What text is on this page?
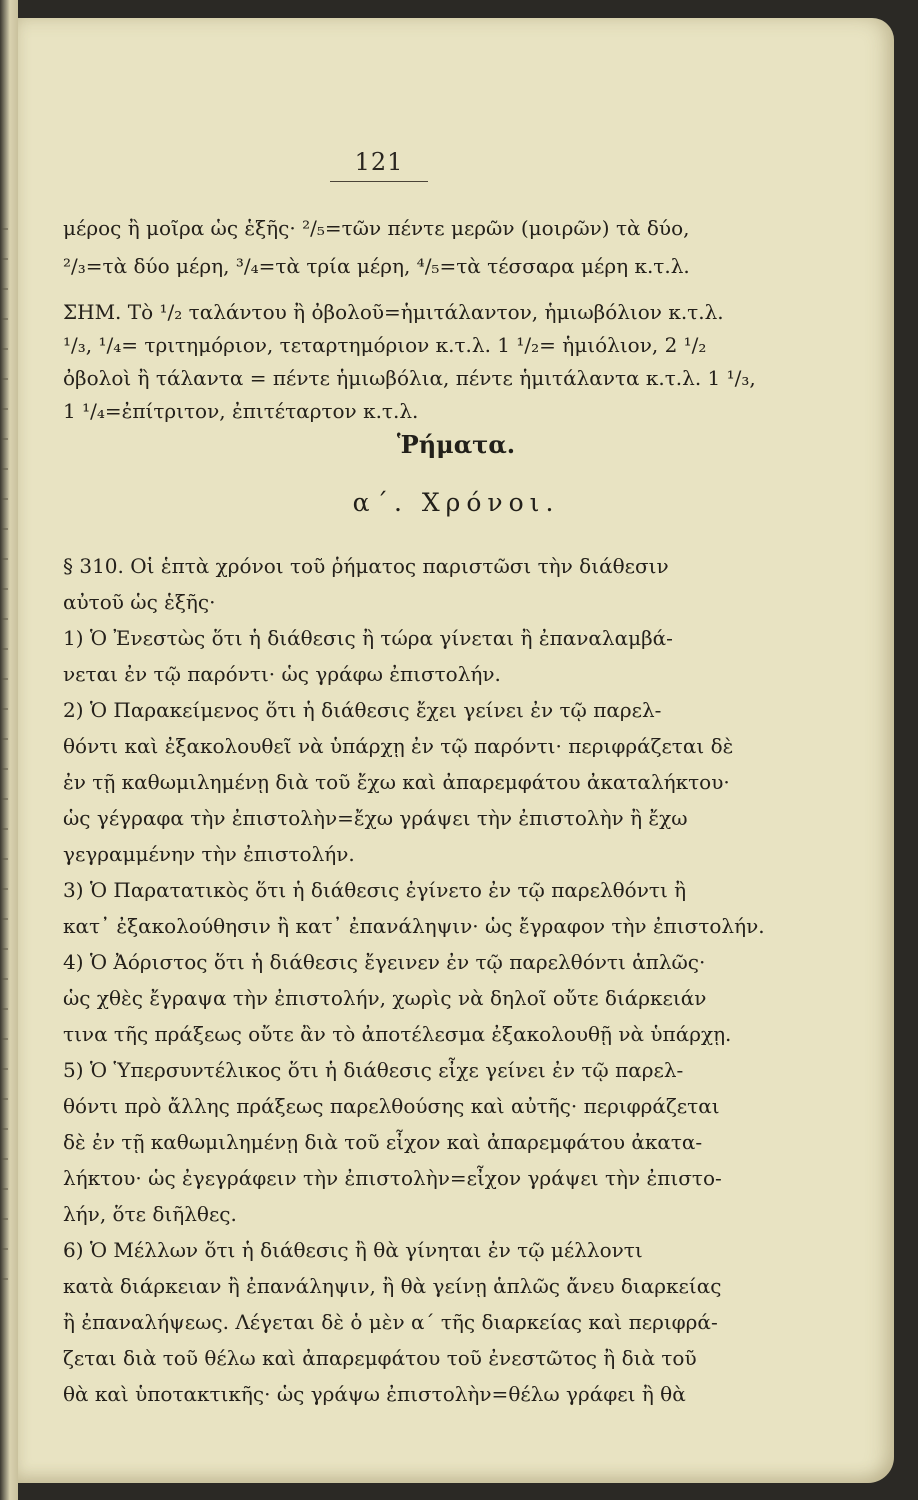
121
μέρος ἢ μοῖρα ὡς ἑξῆς· ²/₅=τῶν πέντε μερῶν (μοιρῶν) τὰ δύο,
²/₃=τὰ δύο μέρη, ³/₄=τὰ τρία μέρη, ⁴/₅=τὰ τέσσαρα μέρη κ.τ.λ.
ΣΗΜ. Τὸ ¹/₂ ταλάντου ἢ ὀβολοῦ=ἡμιτάλαντον, ἡμιωβόλιον κ.τ.λ.
¹/₃, ¹/₄= τριτημόριον, τεταρτημόριον κ.τ.λ. 1 ¹/₂= ἡμιόλιον, 2 ¹/₂
ὀβολοὶ ἢ τάλαντα = πέντε ἡμιωβόλια, πέντε ἡμιτάλαντα κ.τ.λ. 1 ¹/₃,
1 ¹/₄=ἐπίτριτον, ἐπιτέταρτον κ.τ.λ.
Ῥήματα.
α΄. Χρόνοι.
§ 310. Οἱ ἑπτὰ χρόνοι τοῦ ῥήματος παριστῶσι τὴν διάθεσιν
αὐτοῦ ὡς ἑξῆς·
1) Ὁ Ἐνεστὼς ὅτι ἡ διάθεσις ἢ τώρα γίνεται ἢ ἐπαναλαμβά-
νεται ἐν τῷ παρόντι· ὡς γράφω ἐπιστολήν.
2) Ὁ Παρακείμενος ὅτι ἡ διάθεσις ἔχει γείνει ἐν τῷ παρελ-
θόντι καὶ ἐξακολουθεῖ νὰ ὑπάρχῃ ἐν τῷ παρόντι· περιφράζεται δὲ
ἐν τῇ καθωμιλημένῃ διὰ τοῦ ἔχω καὶ ἀπαρεμφάτου ἀκαταλήκτου·
ὡς γέγραφα τὴν ἐπιστολὴν=ἔχω γράψει τὴν ἐπιστολὴν ἢ ἔχω
γεγραμμένην τὴν ἐπιστολήν.
3) Ὁ Παρατατικὸς ὅτι ἡ διάθεσις ἐγίνετο ἐν τῷ παρελθόντι ἢ
κατ᾿ ἐξακολούθησιν ἢ κατ᾿ ἐπανάληψιν· ὡς ἔγραφον τὴν ἐπιστολήν.
4) Ὁ Ἀόριστος ὅτι ἡ διάθεσις ἔγεινεν ἐν τῷ παρελθόντι ἁπλῶς·
ὡς χθὲς ἔγραψα τὴν ἐπιστολήν, χωρὶς νὰ δηλοῖ οὔτε διάρκειάν
τινα τῆς πράξεως οὔτε ἂν τὸ ἀποτέλεσμα ἐξακολουθῇ νὰ ὑπάρχῃ.
5) Ὁ Ὑπερσυντέλικος ὅτι ἡ διάθεσις εἶχε γείνει ἐν τῷ παρελ-
θόντι πρὸ ἄλλης πράξεως παρελθούσης καὶ αὐτῆς· περιφράζεται
δὲ ἐν τῇ καθωμιλημένῃ διὰ τοῦ εἶχον καὶ ἀπαρεμφάτου ἀκατα-
λήκτου· ὡς ἐγεγράφειν τὴν ἐπιστολὴν=εἶχον γράψει τὴν ἐπιστο-
λήν, ὅτε διῆλθες.
6) Ὁ Μέλλων ὅτι ἡ διάθεσις ἢ θὰ γίνηται ἐν τῷ μέλλοντι
κατὰ διάρκειαν ἢ ἐπανάληψιν, ἢ θὰ γείνῃ ἁπλῶς ἄνευ διαρκείας
ἢ ἐπαναλήψεως. Λέγεται δὲ ὁ μὲν α΄ τῆς διαρκείας καὶ περιφρά-
ζεται διὰ τοῦ θέλω καὶ ἀπαρεμφάτου τοῦ ἐνεστῶτος ἢ διὰ τοῦ
θὰ καὶ ὑποτακτικῆς· ὡς γράψω ἐπιστολὴν=θέλω γράφει ἢ θὰ
